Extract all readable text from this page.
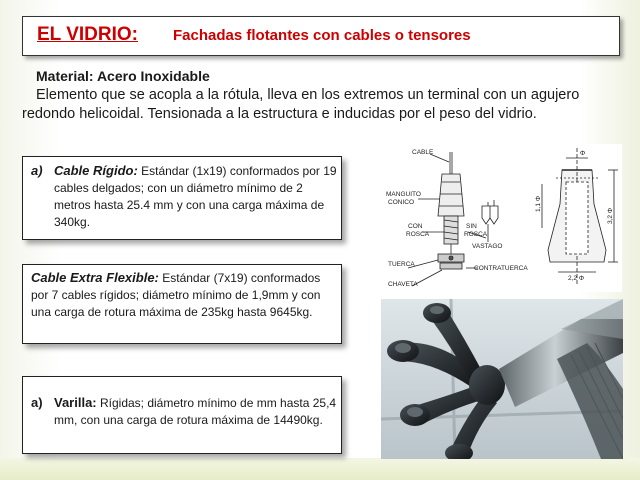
EL VIDRIO: Fachadas flotantes con cables o tensores
Material: Acero Inoxidable
Elemento que se acopla a la rótula, lleva en los extremos un terminal con un agujero redondo helicoidal. Tensionada a la estructura e inducidas por el peso del vidrio.
a) Cable Rígido: Estándar (1x19) conformados por 19 cables delgados; con un diámetro mínimo de 2 metros hasta 25.4 mm y con una carga máxima de 340kg.
Cable Extra Flexible: Estándar (7x19) conformados por 7 cables rígidos; diámetro mínimo de 1,9mm y con una carga de rotura máxima de 235kg hasta 9645kg.
a) Varilla: Rígidas; diámetro mínimo de mm hasta 25,4 mm, con una carga de rotura máxima de 14490kg.
CABLE
MANGUITO
CONICO
CON
ROSCA
SIN
ROSCA
VASTAGO
TUERCA
CONTRATUERCA
CHAVETA
Φ
2,2 Φ
3,2 Φ
1,1 Φ
